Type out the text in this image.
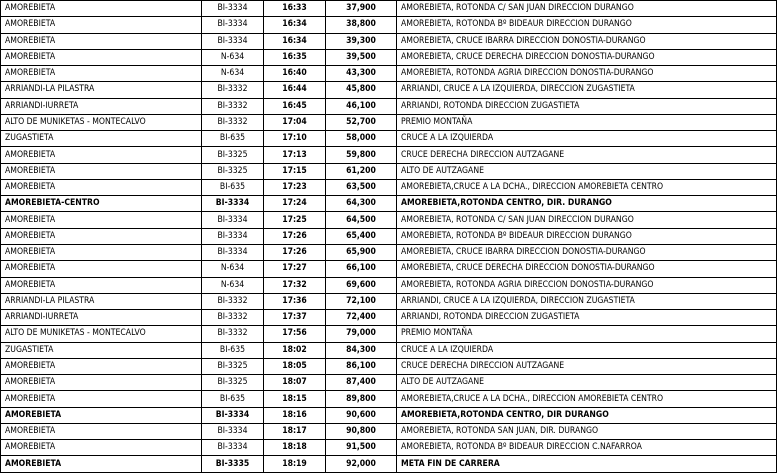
AMOREBIETA	BI-3334	16:33	37,900	AMOREBIETA, ROTONDA C/ SAN JUAN DIRECCION DURANGO
AMOREBIETA	BI-3334	16:34	38,800	AMOREBIETA, ROTONDA Bº BIDEAUR DIRECCION DURANGO
AMOREBIETA	BI-3334	16:34	39,300	AMOREBIETA, CRUCE IBARRA DIRECCION DONOSTIA-DURANGO
AMOREBIETA	N-634	16:35	39,500	AMOREBIETA, CRUCE DERECHA DIRECCION DONOSTIA-DURANGO
AMOREBIETA	N-634	16:40	43,300	AMOREBIETA, ROTONDA AGRIA DIRECCION DONOSTIA-DURANGO
ARRIANDI-LA PILASTRA	BI-3332	16:44	45,800	ARRIANDI, CRUCE A LA IZQUIERDA, DIRECCION ZUGASTIETA
ARRIANDI-IURRETA	BI-3332	16:45	46,100	ARRIANDI, ROTONDA DIRECCION ZUGASTIETA
ALTO DE MUNIKETAS - MONTECALVO	BI-3332	17:04	52,700	PREMIO MONTAÑA
ZUGASTIETA	BI-635	17:10	58,000	CRUCE A LA IZQUIERDA
AMOREBIETA	BI-3325	17:13	59,800	CRUCE DERECHA DIRECCION AUTZAGANE
AMOREBIETA	BI-3325	17:15	61,200	ALTO DE AUTZAGANE
AMOREBIETA	BI-635	17:23	63,500	AMOREBIETA,CRUCE A LA DCHA., DIRECCION AMOREBIETA CENTRO
AMOREBIETA-CENTRO	BI-3334	17:24	64,300	AMOREBIETA,ROTONDA CENTRO, DIR. DURANGO
AMOREBIETA	BI-3334	17:25	64,500	AMOREBIETA, ROTONDA C/ SAN JUAN DIRECCION DURANGO
AMOREBIETA	BI-3334	17:26	65,400	AMOREBIETA, ROTONDA Bº BIDEAUR DIRECCION DURANGO
AMOREBIETA	BI-3334	17:26	65,900	AMOREBIETA, CRUCE IBARRA DIRECCION DONOSTIA-DURANGO
AMOREBIETA	N-634	17:27	66,100	AMOREBIETA, CRUCE DERECHA DIRECCION DONOSTIA-DURANGO
AMOREBIETA	N-634	17:32	69,600	AMOREBIETA, ROTONDA AGRIA DIRECCION DONOSTIA-DURANGO
ARRIANDI-LA PILASTRA	BI-3332	17:36	72,100	ARRIANDI, CRUCE A LA IZQUIERDA, DIRECCION ZUGASTIETA
ARRIANDI-IURRETA	BI-3332	17:37	72,400	ARRIANDI, ROTONDA DIRECCION ZUGASTIETA
ALTO DE MUNIKETAS - MONTECALVO	BI-3332	17:56	79,000	PREMIO MONTAÑA
ZUGASTIETA	BI-635	18:02	84,300	CRUCE A LA IZQUIERDA
AMOREBIETA	BI-3325	18:05	86,100	CRUCE DERECHA DIRECCION AUTZAGANE
AMOREBIETA	BI-3325	18:07	87,400	ALTO DE AUTZAGANE
AMOREBIETA	BI-635	18:15	89,800	AMOREBIETA,CRUCE A LA DCHA., DIRECCION AMOREBIETA CENTRO
AMOREBIETA	BI-3334	18:16	90,600	AMOREBIETA,ROTONDA CENTRO, DIR DURANGO
AMOREBIETA	BI-3334	18:17	90,800	AMOREBIETA, ROTONDA SAN JUAN, DIR. DURANGO
AMOREBIETA	BI-3334	18:18	91,500	AMOREBIETA, ROTONDA Bº BIDEAUR DIRECCION C.NAFARROA
AMOREBIETA	BI-3335	18:19	92,000	META FIN DE CARRERA
